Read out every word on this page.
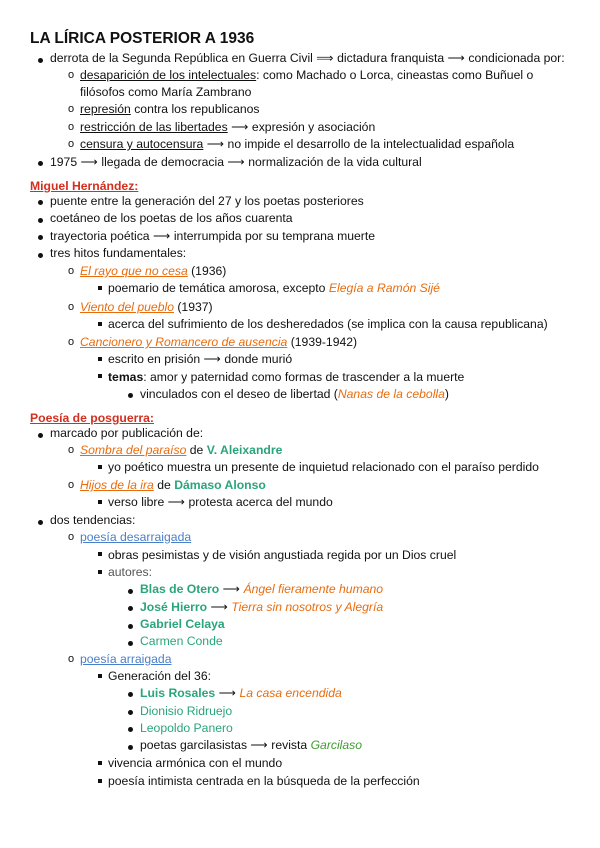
LA LÍRICA POSTERIOR A 1936
derrota de la Segunda República en Guerra Civil ⟹ dictadura franquista ⟶ condicionada por:
o desaparición de los intelectuales: como Machado o Lorca, cineastas como Buñuel o
filósofos como María Zambrano
o represión contra los republicanos
o restricción de las libertades ⟶ expresión y asociación
o censura y autocensura ⟶ no impide el desarrollo de la intelectualidad española
1975 ⟶ llegada de democracia ⟶ normalización de la vida cultural
Miguel Hernández:
puente entre la generación del 27 y los poetas posteriores
coetáneo de los poetas de los años cuarenta
trayectoria poética ⟶ interrumpida por su temprana muerte
tres hitos fundamentales:
o El rayo que no cesa (1936)
poemario de temática amorosa, excepto Elegía a Ramón Sijé
o Viento del pueblo (1937)
acerca del sufrimiento de los desheredados (se implica con la causa republicana)
o Cancionero y Romancero de ausencia (1939-1942)
escrito en prisión ⟶ donde murió
temas: amor y paternidad como formas de trascender a la muerte
vinculados con el deseo de libertad (Nanas de la cebolla)
Poesía de posguerra:
marcado por publicación de:
o Sombra del paraíso de V. Aleixandre
yo poético muestra un presente de inquietud relacionado con el paraíso perdido
o Hijos de la ira de Dámaso Alonso
verso libre ⟶ protesta acerca del mundo
dos tendencias:
o poesía desarraigada
obras pesimistas y de visión angustiada regida por un Dios cruel
autores:
Blas de Otero ⟶ Ángel fieramente humano
José Hierro ⟶ Tierra sin nosotros y Alegría
Gabriel Celaya
Carmen Conde
o poesía arraigada
Generación del 36:
Luis Rosales ⟶ La casa encendida
Dionisio Ridruejo
Leopoldo Panero
poetas garcilasistas ⟶ revista Garcilaso
vivencia armónica con el mundo
poesía intimista centrada en la búsqueda de la perfección
